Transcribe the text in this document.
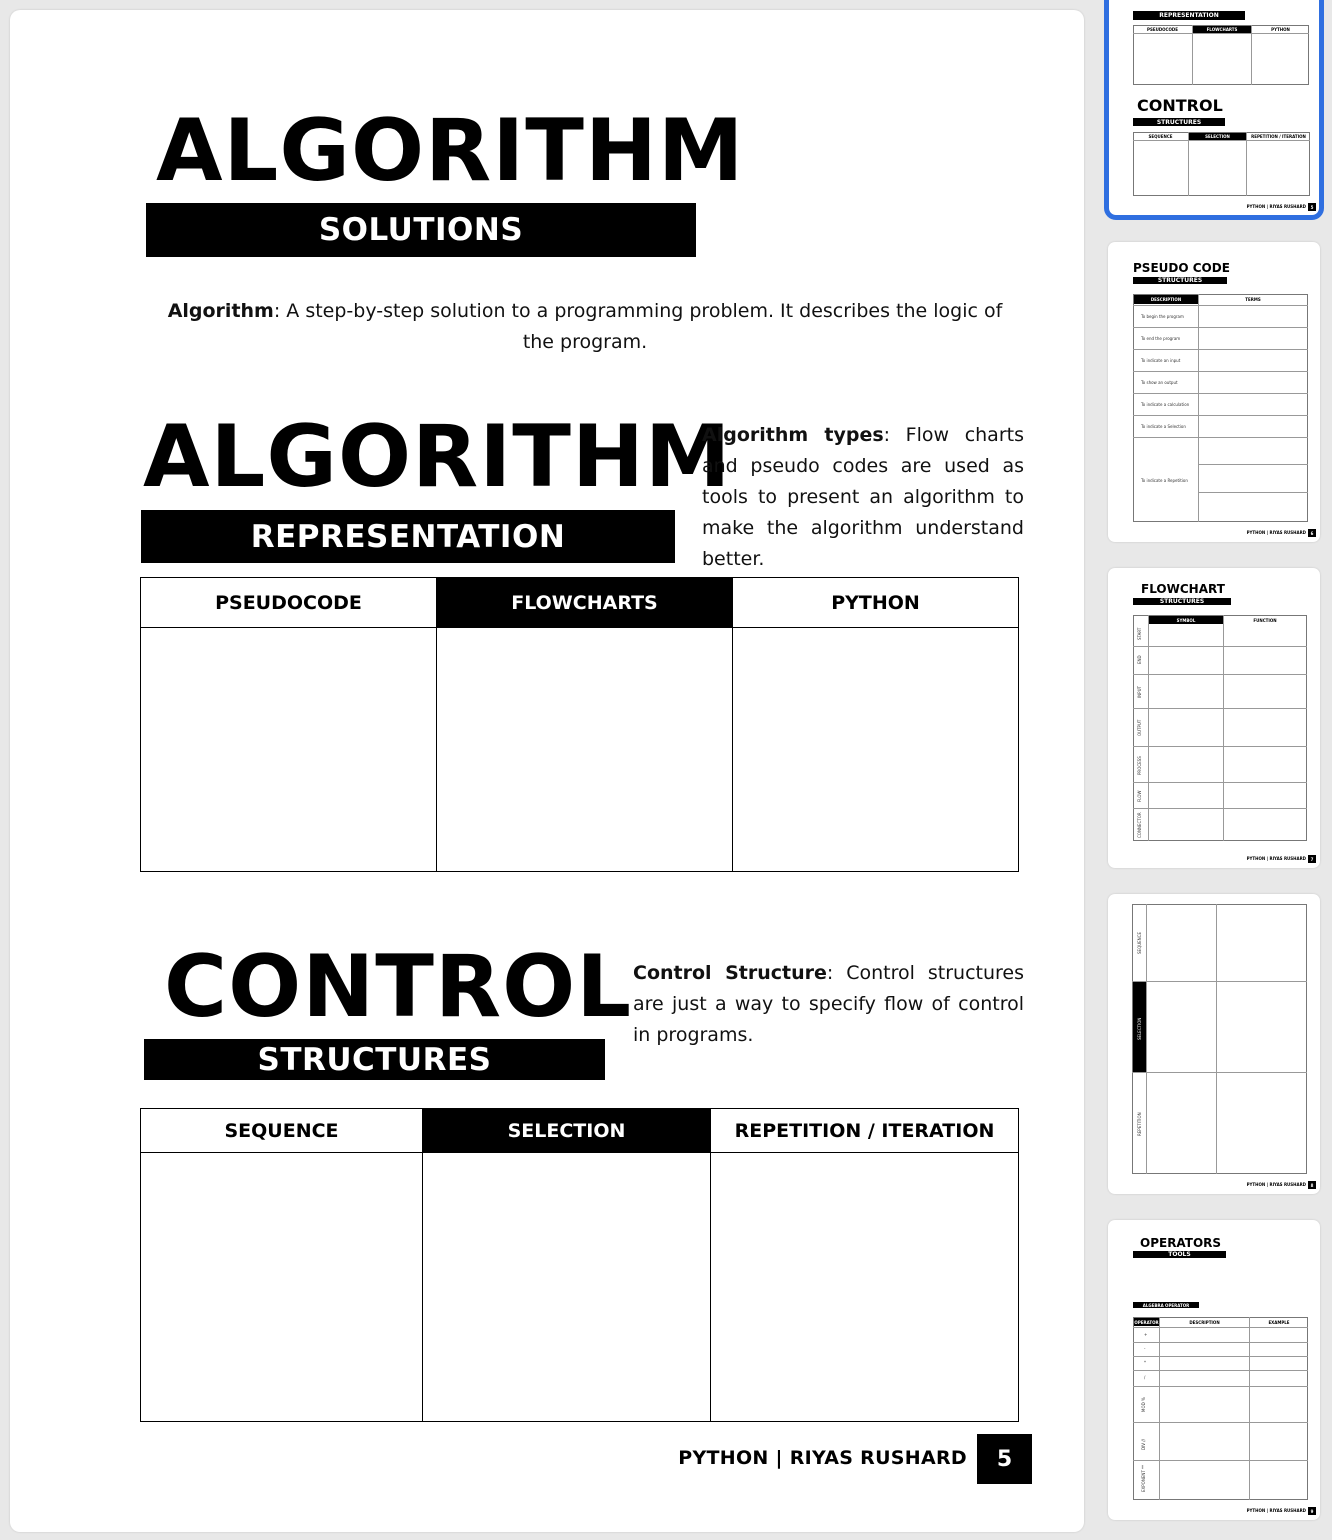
ALGORITHM
SOLUTIONS
Algorithm: A step-by-step solution to a programming problem. It describes the logic of the program.
ALGORITHM
REPRESENTATION
Algorithm types: Flow charts and pseudo codes are used as tools to present an algorithm to make the algorithm understand better.
PSEUDOCODE	FLOWCHARTS	PYTHON

CONTROL
STRUCTURES
Control Structure: Control structures are just a way to specify flow of control in programs.
SEQUENCE	SELECTION	REPETITION / ITERATION

PYTHON | RIYAS RUSHARD	5
REPRESENTATION
PSEUDOCODE	FLOWCHARTS	PYTHON
CONTROL
STRUCTURES
SEQUENCE	SELECTION	REPETITION / ITERATION
PYTHON | RIYAS RUSHARD	5
PSEUDO CODE
STRUCTURES
DESCRIPTION	TERMS
To begin the program
To end the program
To indicate an input
To show an output
To indicate a calculation
To indicate a Selection
To indicate a Repetition
PYTHON | RIYAS RUSHARD	6
FLOWCHART
STRUCTURES
SYMBOL	FUNCTION
START
END
INPUT
OUTPUT
PROCESS
FLOW
CONNECTOR
PYTHON | RIYAS RUSHARD	7
SEQUENCE
SELECTION
REPETITION
PYTHON | RIYAS RUSHARD	8
OPERATORS
TOOLS
ALGEBRA OPERATOR
OPERATOR	DESCRIPTION	EXAMPLE
+
-
*
/
MOD %
DIV //
EXPONENT **
PYTHON | RIYAS RUSHARD	9
